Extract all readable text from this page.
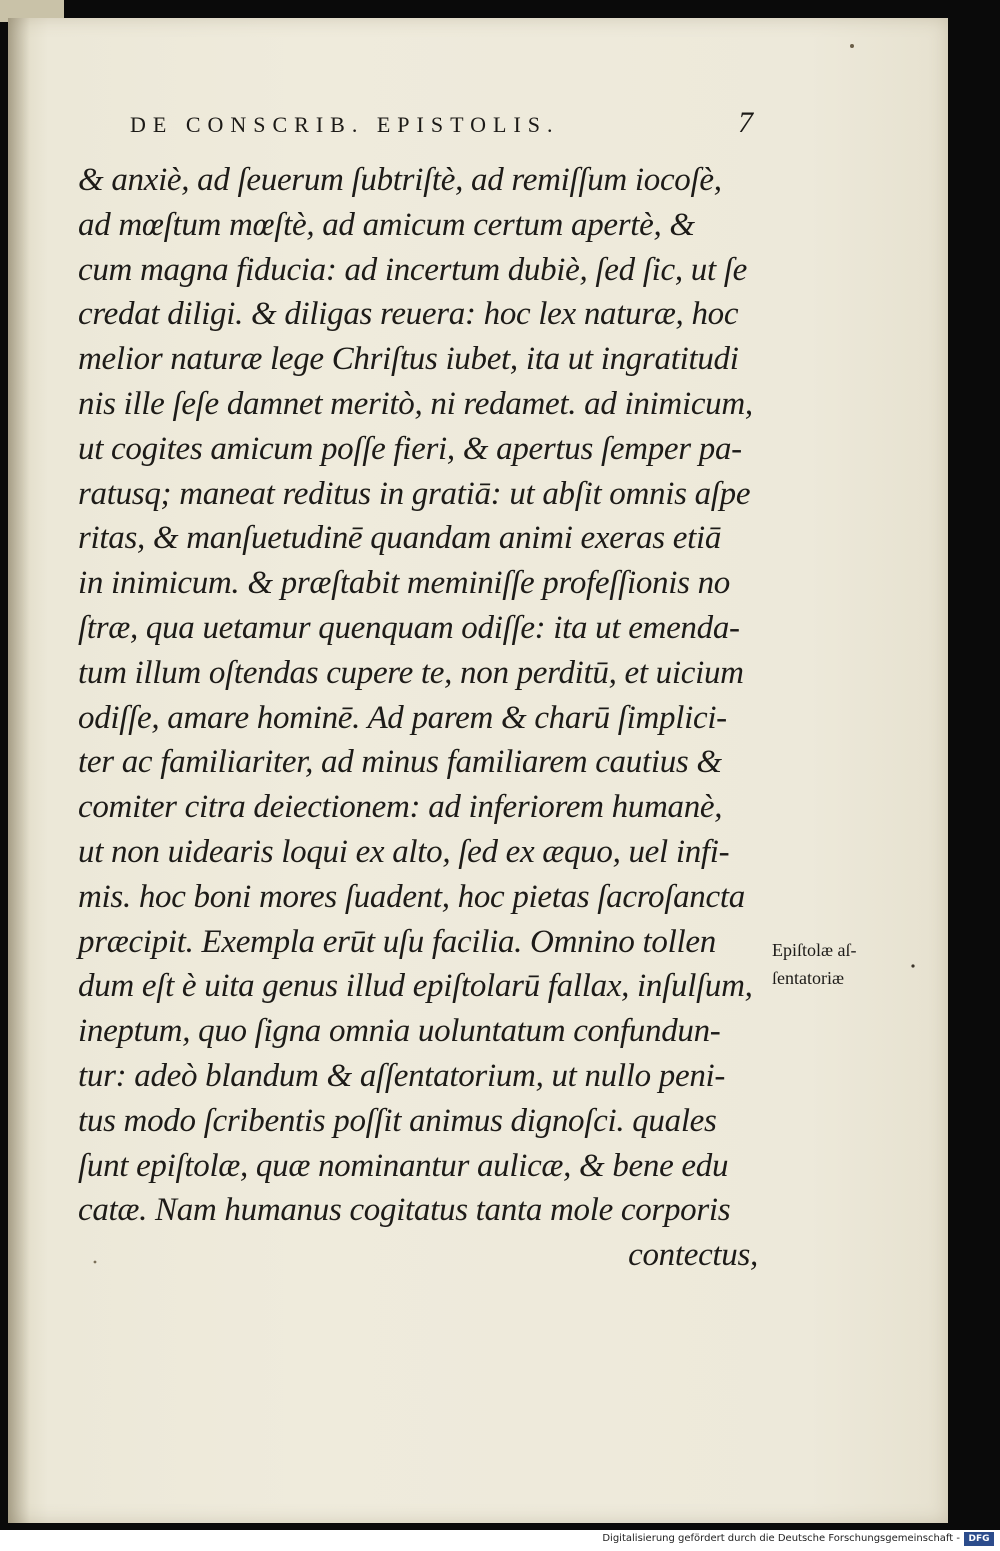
DE CONSCRIB. EPISTOLIS.	7
& anxiè, ad ſeuerum ſubtriſtè, ad remiſſum iocoſè,
ad mœſtum mœſtè, ad amicum certum apertè, &
cum magna fiducia: ad incertum dubiè, ſed ſic, ut ſe
credat diligi. & diligas reuera: hoc lex naturæ, hoc
melior naturæ lege Chriſtus iubet, ita ut ingratitudi
nis ille ſeſe damnet meritò, ni redamet. ad inimicum,
ut cogites amicum poſſe fieri, & apertus ſemper pa-
ratusq; maneat reditus in gratiā: ut abſit omnis aſpe
ritas, & manſuetudinē quandam animi exeras etiā
in inimicum. & præſtabit meminiſſe profeſſionis no
ſtræ, qua uetamur quenquam odiſſe: ita ut emenda-
tum illum oſtendas cupere te, non perditū, et uicium
odiſſe, amare hominē. Ad parem & charū ſimplici-
ter ac familiariter, ad minus familiarem cautius &
comiter citra deiectionem: ad inferiorem humanè,
ut non uidearis loqui ex alto, ſed ex æquo, uel infi-
mis. hoc boni mores ſuadent, hoc pietas ſacroſancta
præcipit. Exempla erūt uſu facilia. Omnino tollen
dum eſt è uita genus illud epiſtolarū fallax, inſulſum,
ineptum, quo ſigna omnia uoluntatum confundun-
tur: adeò blandum & aſſentatorium, ut nullo peni-
tus modo ſcribentis poſſit animus dignoſci. quales
ſunt epiſtolæ, quæ nominantur aulicæ, & bene edu
catæ. Nam humanus cogitatus tanta mole corporis
contectus,
Epiſtolæ aſ-
ſentatoriæ
Digitalisierung gefördert durch die Deutsche Forschungsgemeinschaft - DFG
